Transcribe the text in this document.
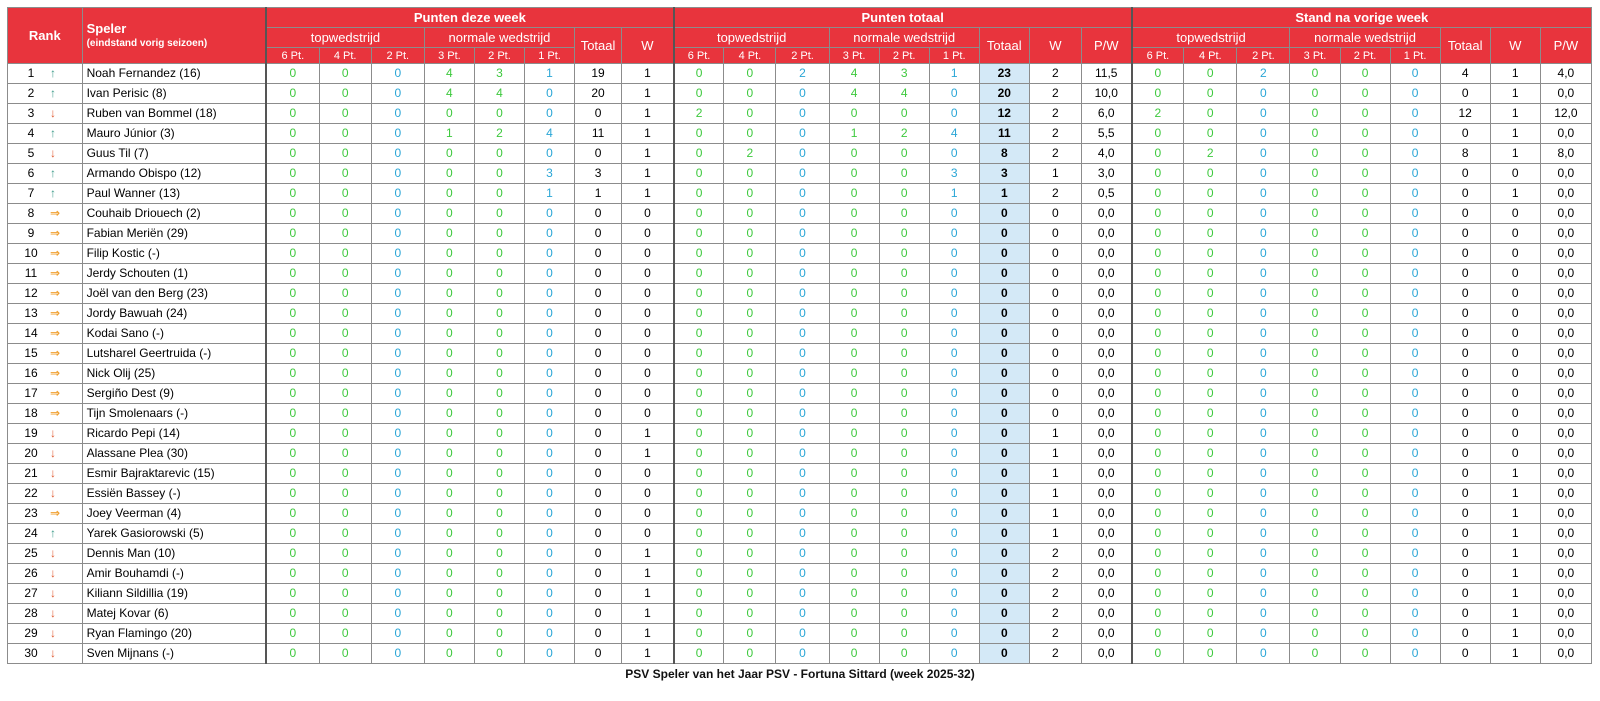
Rank	Speler
(eindstand vorig seizoen)	Punten deze week								Punten totaal									Stand na vorige week								
		topwedstrijd			normale wedstrijd			Totaal	W	topwedstrijd			normale wedstrijd			Totaal	W	P/W	topwedstrijd			normale wedstrijd			Totaal	W	P/W
		6 Pt.	4 Pt.	2 Pt.	3 Pt.	2 Pt.	1 Pt.			6 Pt.	4 Pt.	2 Pt.	3 Pt.	2 Pt.	1 Pt.				6 Pt.	4 Pt.	2 Pt.	3 Pt.	2 Pt.	1 Pt.			
1 ↑	Noah Fernandez (16)	0	0	0	4	3	1	19	1	0	0	2	4	3	1	23	2	11,5	0	0	2	0	0	0	4	1	4,0
2 ↑	Ivan Perisic (8)	0	0	0	4	4	0	20	1	0	0	0	4	4	0	20	2	10,0	0	0	0	0	0	0	0	1	0,0
3 ↓	Ruben van Bommel (18)	0	0	0	0	0	0	0	1	2	0	0	0	0	0	12	2	6,0	2	0	0	0	0	0	12	1	12,0
4 ↑	Mauro Júnior (3)	0	0	0	1	2	4	11	1	0	0	0	1	2	4	11	2	5,5	0	0	0	0	0	0	0	1	0,0
5 ↓	Guus Til (7)	0	0	0	0	0	0	0	1	0	2	0	0	0	0	8	2	4,0	0	2	0	0	0	0	8	1	8,0
6 ↑	Armando Obispo (12)	0	0	0	0	0	3	3	1	0	0	0	0	0	3	3	1	3,0	0	0	0	0	0	0	0	0	0,0
7 ↑	Paul Wanner (13)	0	0	0	0	0	1	1	1	0	0	0	0	0	1	1	2	0,5	0	0	0	0	0	0	0	1	0,0
8 ⇒	Couhaib Driouech (2)	0	0	0	0	0	0	0	0	0	0	0	0	0	0	0	0	0,0	0	0	0	0	0	0	0	0	0,0
9 ⇒	Fabian Meriën (29)	0	0	0	0	0	0	0	0	0	0	0	0	0	0	0	0	0,0	0	0	0	0	0	0	0	0	0,0
10 ⇒	Filip Kostic (-)	0	0	0	0	0	0	0	0	0	0	0	0	0	0	0	0	0,0	0	0	0	0	0	0	0	0	0,0
11 ⇒	Jerdy Schouten (1)	0	0	0	0	0	0	0	0	0	0	0	0	0	0	0	0	0,0	0	0	0	0	0	0	0	0	0,0
12 ⇒	Joël van den Berg (23)	0	0	0	0	0	0	0	0	0	0	0	0	0	0	0	0	0,0	0	0	0	0	0	0	0	0	0,0
13 ⇒	Jordy Bawuah (24)	0	0	0	0	0	0	0	0	0	0	0	0	0	0	0	0	0,0	0	0	0	0	0	0	0	0	0,0
14 ⇒	Kodai Sano (-)	0	0	0	0	0	0	0	0	0	0	0	0	0	0	0	0	0,0	0	0	0	0	0	0	0	0	0,0
15 ⇒	Lutsharel Geertruida (-)	0	0	0	0	0	0	0	0	0	0	0	0	0	0	0	0	0,0	0	0	0	0	0	0	0	0	0,0
16 ⇒	Nick Olij (25)	0	0	0	0	0	0	0	0	0	0	0	0	0	0	0	0	0,0	0	0	0	0	0	0	0	0	0,0
17 ⇒	Sergiño Dest (9)	0	0	0	0	0	0	0	0	0	0	0	0	0	0	0	0	0,0	0	0	0	0	0	0	0	0	0,0
18 ⇒	Tijn Smolenaars (-)	0	0	0	0	0	0	0	0	0	0	0	0	0	0	0	0	0,0	0	0	0	0	0	0	0	0	0,0
19 ↓	Ricardo Pepi (14)	0	0	0	0	0	0	0	1	0	0	0	0	0	0	0	1	0,0	0	0	0	0	0	0	0	0	0,0
20 ↓	Alassane Plea (30)	0	0	0	0	0	0	0	1	0	0	0	0	0	0	0	1	0,0	0	0	0	0	0	0	0	0	0,0
21 ↓	Esmir Bajraktarevic (15)	0	0	0	0	0	0	0	0	0	0	0	0	0	0	0	1	0,0	0	0	0	0	0	0	0	1	0,0
22 ↓	Essiën Bassey (-)	0	0	0	0	0	0	0	0	0	0	0	0	0	0	0	1	0,0	0	0	0	0	0	0	0	1	0,0
23 ⇒	Joey Veerman (4)	0	0	0	0	0	0	0	0	0	0	0	0	0	0	0	1	0,0	0	0	0	0	0	0	0	1	0,0
24 ↑	Yarek Gasiorowski (5)	0	0	0	0	0	0	0	0	0	0	0	0	0	0	0	1	0,0	0	0	0	0	0	0	0	1	0,0
25 ↓	Dennis Man (10)	0	0	0	0	0	0	0	1	0	0	0	0	0	0	0	2	0,0	0	0	0	0	0	0	0	1	0,0
26 ↓	Amir Bouhamdi (-)	0	0	0	0	0	0	0	1	0	0	0	0	0	0	0	2	0,0	0	0	0	0	0	0	0	1	0,0
27 ↓	Kiliann Sildillia (19)	0	0	0	0	0	0	0	1	0	0	0	0	0	0	0	2	0,0	0	0	0	0	0	0	0	1	0,0
28 ↓	Matej Kovar (6)	0	0	0	0	0	0	0	1	0	0	0	0	0	0	0	2	0,0	0	0	0	0	0	0	0	1	0,0
29 ↓	Ryan Flamingo (20)	0	0	0	0	0	0	0	1	0	0	0	0	0	0	0	2	0,0	0	0	0	0	0	0	0	1	0,0
30 ↓	Sven Mijnans (-)	0	0	0	0	0	0	0	1	0	0	0	0	0	0	0	2	0,0	0	0	0	0	0	0	0	1	0,0
PSV Speler van het Jaar PSV - Fortuna Sittard (week 2025-32)
